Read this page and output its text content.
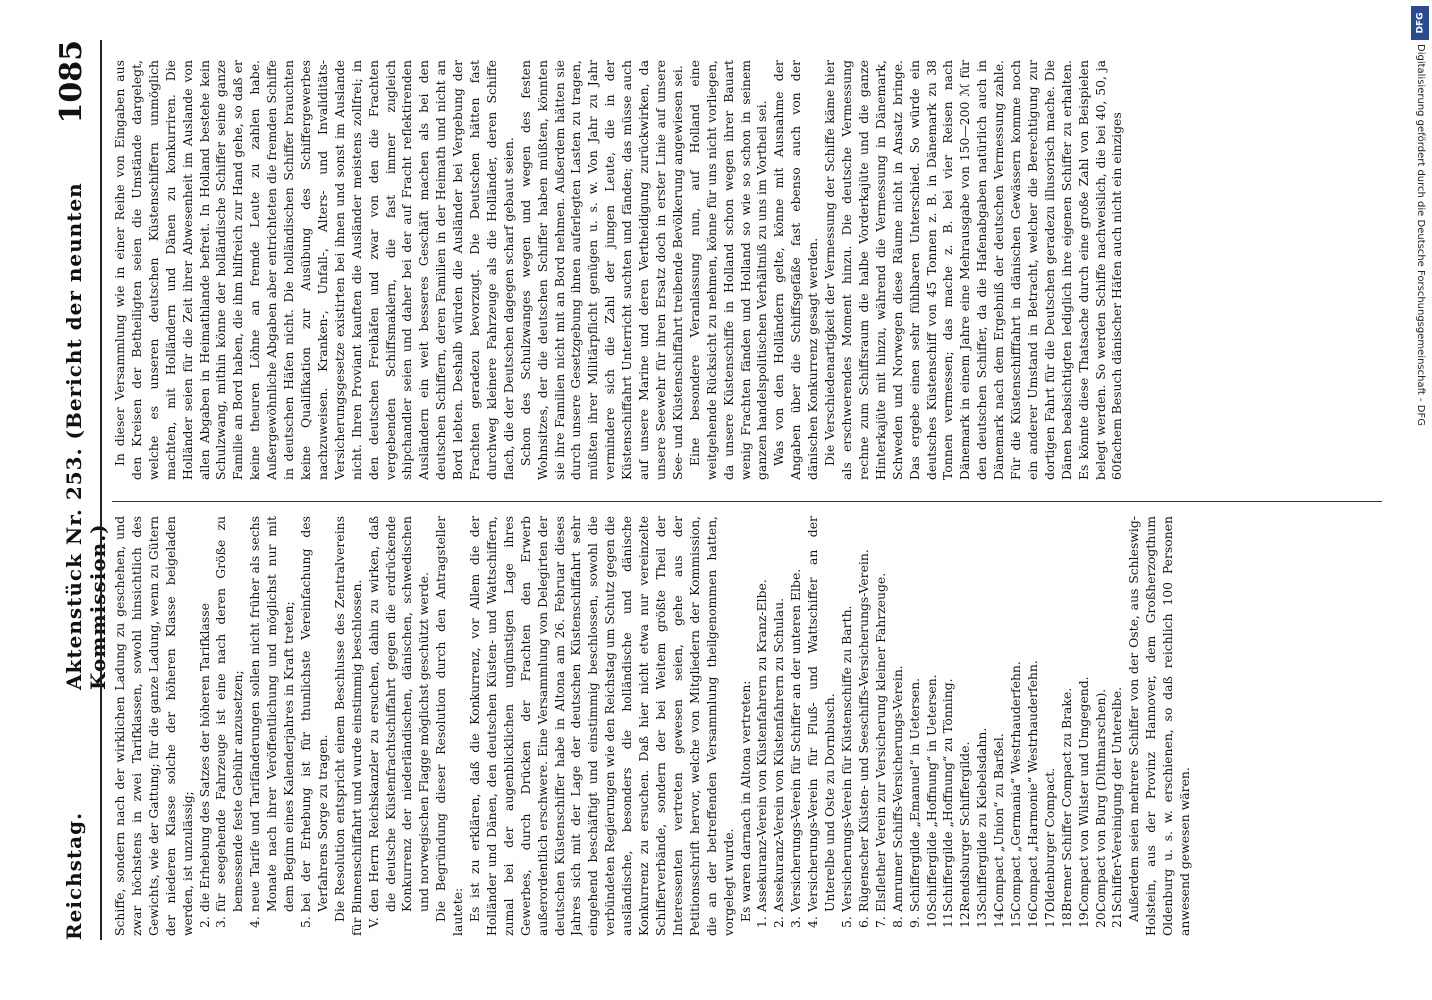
Reichstag.
Aktenstück Nr. 253. (Bericht der neunten Kommission.)
1085

Schiffe, sondern nach der wirklichen Ladung zu geschehen, und zwar höchstens in zwei Tarifklassen, sowohl hinsichtlich des Gewichts, wie der Gattung; für die ganze Ladung, wenn zu Gütern der niederen Klasse solche der höheren Klasse beigeladen werden, ist unzulässig; 2.die Erhebung des Satzes der höheren Tarifklasse

3.für seegehende Fahrzeuge ist eine nach deren Größe zu bemessende feste Gebühr anzusetzen;

4.neue Tarife und Tarifänderungen sollen nicht früher als sechs Monate nach ihrer Veröffentlichung und möglichst nur mit dem Beginn eines Kalenderjahres in Kraft treten;

5.bei der Erhebung ist für thunlichste Vereinfachung des Verfahrens Sorge zu tragen. Die Resolution entspricht einem Beschlusse des Zentralvereins für Binnenschiffahrt und wurde einstimmig beschlossen. V.den Herrn Reichskanzler zu ersuchen, dahin zu wirken, daß die deutsche Küstenfrachtschiffahrt gegen die erdrückende Konkurrenz der niederländischen, dänischen, schwedischen und norwegischen Flagge möglichst geschützt werde. Die Begründung dieser Resolution durch den Antragsteller lautete: Es ist zu erklären, daß die Konkurrenz, vor Allem die der Holländer und Dänen, den deutschen Küsten- und Wattschiffern, zumal bei der augenblicklichen ungünstigen Lage ihres Gewerbes, durch Drücken der Frachten den Erwerb außerordentlich erschwere. Eine Versammlung von Delegirten der deutschen Küstenschiffer habe in Altona am 26. Februar dieses Jahres sich mit der Lage der deutschen Küstenschiffahrt sehr eingehend beschäftigt und einstimmig beschlossen, sowohl die verbündeten Regierungen wie den Reichstag um Schutz gegen die ausländische, besonders die holländische und dänische Konkurrenz zu ersuchen. Daß hier nicht etwa nur vereinzelte Schifferverbände, sondern der bei Weitem größte Theil der Interessenten vertreten gewesen seien, gehe aus der Petitionsschrift hervor, welche von Mitgliedern der Kommission, die an der betreffenden Versammlung theilgenommen hatten, vorgelegt wurde. Es waren darnach in Altona vertreten:

1.Assekuranz-Verein von Küstenfahrern zu Kranz-Elbe.

2.Assekuranz-Verein von Küstenfahrern zu Schulau.

3.Versicherungs-Verein für Schiffer an der unteren Elbe.

4.Versicherungs-Verein für Fluß- und Wattschiffer an der Unterelbe und Oste zu Dornbusch.

5.Versicherungs-Verein für Küstenschiffe zu Barth.

6.Rügenscher Küsten- und Seeschiffs-Versicherungs-Verein.

7.Elsflether Verein zur Versicherung kleiner Fahrzeuge.

8.Amrumer Schiffs-Versicherungs-Verein.

9.Schiffergilde „Emanuel“ in Uetersen.

10.Schiffergilde „Hoffnung“ in Uetersen.

11.Schiffergilde „Hoffnung“ zu Tönning.

12.Rendsburger Schiffergilde.

13.Schiffergilde zu Kiebelsdahn.

14.Compact „Union“ zu Barßel.

15.Compact „Germania“ Westrhauderfehn.

16.Compact „Harmonie“ Westrhauderfehn.

17.Oldenburger Compact.

18.Bremer Schiffer Compact zu Brake.

19.Compact von Wilster und Umgegend.

20.Compact von Burg (Dithmarschen).

21.Schiffer-Vereinigung der Unterelbe. Außerdem seien mehrere Schiffer von der Oste, aus Schleswig-Holstein, aus der Provinz Hannover, dem Großherzogthum Oldenburg u. s. w. erschienen, so daß reichlich 100 Personen anwesend gewesen wären.

In dieser Versammlung wie in einer Reihe von Eingaben aus den Kreisen der Betheiligten seien die Umstände dargelegt, welche es unseren deutschen Küstenschiffern unmöglich machten, mit Holländern und Dänen zu konkurriren. Die Holländer seien für die Zeit ihrer Abwesenheit im Auslande von allen Abgaben in Heimathlande befreit. In Holland bestehe kein Schulzwang, mithin könne der holländische Schiffer seine ganze Familie an Bord haben, die ihm hilfreich zur Hand gehe, so daß er keine theuren Löhne an fremde Leute zu zahlen habe. Außergewöhnliche Abgaben aber entrichteten die fremden Schiffe in deutschen Häfen nicht. Die holländischen Schiffer brauchten keine Qualifikation zur Ausübung des Schiffergewerbes nachzuweisen. Kranken-, Unfall-, Alters- und Invaliditäts-Versicherungsgesetze existirten bei ihnen und sonst im Auslande nicht. Ihren Proviant kauften die Ausländer meistens zollfrei; in den deutschen Freihäfen und zwar von den die Frachten vergebenden Schiffsmaklern, die fast immer zugleich shipchandler seien und daher bei der auf Fracht reflektirenden Ausländern ein weit besseres Geschäft machen als bei den deutschen Schiffern, deren Familien in der Heimath und nicht an Bord lebten. Deshalb würden die Ausländer bei Vergebung der Frachten geradezu bevorzugt. Die Deutschen hätten fast durchweg kleinere Fahrzeuge als die Holländer, deren Schiffe flach, die der Deutschen dagegen scharf gebaut seien. Schon des Schulzwanges wegen und wegen des festen Wohnsitzes, der die deutschen Schiffer haben müßten, könnten sie ihre Familien nicht mit an Bord nehmen. Außerdem hätten sie durch unsere Gesetzgebung ihnen auferlegten Lasten zu tragen, müßten ihrer Militärpflicht genügen u. s. w. Von Jahr zu Jahr vermindere sich die Zahl der jungen Leute, die in der Küstenschiffahrt Unterricht suchten und fänden; das müsse auch auf unsere Marine und deren Vertheidigung zurückwirken, da unsere Seewehr für ihren Ersatz doch in erster Linie auf unsere See- und Küstenschiffahrt treibende Bevölkerung angewiesen sei. Eine besondere Veranlassung nun, auf Holland eine weitgehende Rücksicht zu nehmen, könne für uns nicht vorliegen, da unsere Küstenschiffe in Holland schon wegen ihrer Bauart wenig Frachten fänden und Holland so wie so schon in seinem ganzen handelspolitischen Verhältniß zu uns im Vortheil sei. Was von den Holländern gelte, könne mit Ausnahme der Angaben über die Schiffsgefäße fast ebenso auch von der dänischen Konkurrenz gesagt werden. Die Verschiedenartigkeit der Vermessung der Schiffe käme hier als erschwerendes Moment hinzu. Die deutsche Vermessung rechne zum Schiffsraum die halbe Vorderkajüte und die ganze Hinterkajüte mit hinzu, während die Vermessung in Dänemark, Schweden und Norwegen diese Räume nicht in Ansatz bringe. Das ergebe einen sehr fühlbaren Unterschied. So würde ein deutsches Küstenschiff von 45 Tonnen z. B. in Dänemark zu 38 Tonnen vermessen; das mache z. B. bei vier Reisen nach Dänemark in einem Jahre eine Mehrausgabe von 150—200 ℳ für den deutschen Schiffer, da die Hafenabgaben natürlich auch in Dänemark nach dem Ergebniß der deutschen Vermessung zahle. Für die Küstenschifffahrt in dänischen Gewässern komme noch ein anderer Umstand in Betracht, welcher die Berechtigung zur dortigen Fahrt für die Deutschen geradezu illusorisch mache. Die Dänen beabsichtigten lediglich ihre eigenen Schiffer zu erhalten. Es könnte diese Thatsache durch eine große Zahl von Beispielen belegt werden. So werden Schiffe nachweislich, die bei 40, 50, ja 60fachem Besuch dänischer Häfen auch nicht ein einziges

DFG
Digitalisierung gefördert durch die Deutsche Forschungsgemeinschaft - DFG
